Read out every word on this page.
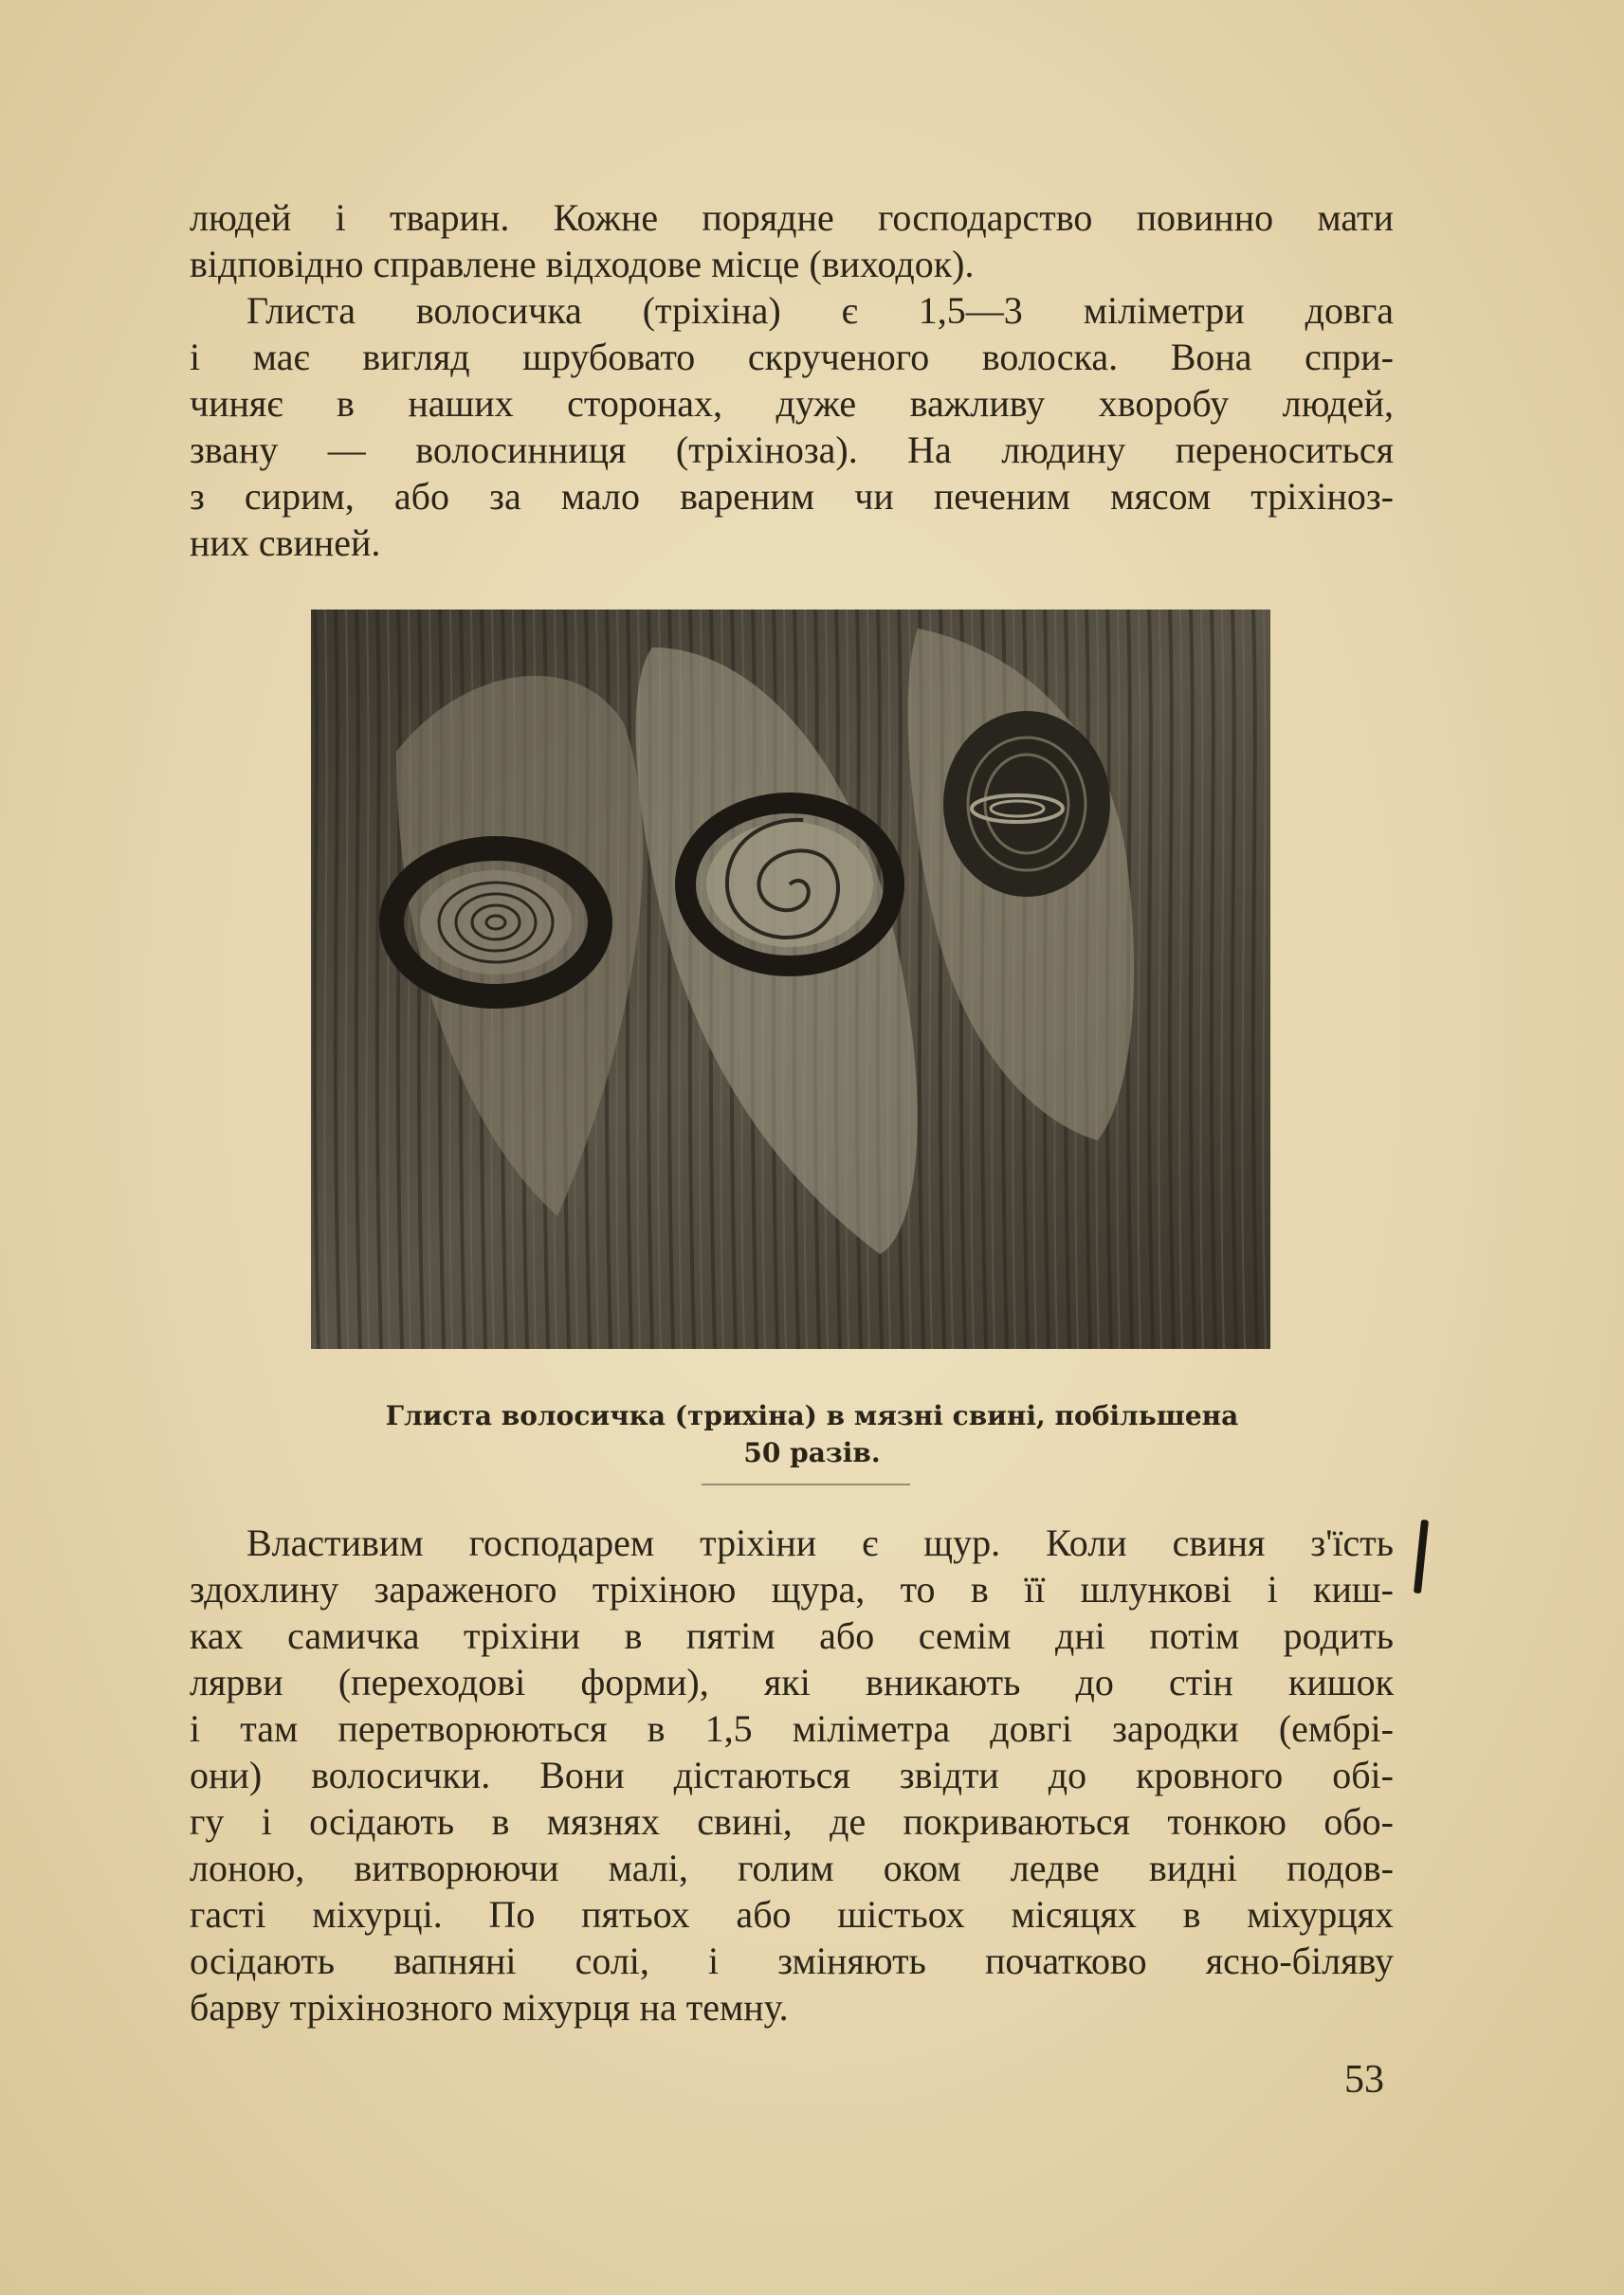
людей і тварин. Кожне порядне господарство повинно мати
відповідно справлене відходове місце (виходок).
Глиста волосичка (тріхіна) є 1,5—3 міліметри довга
і має вигляд шрубовато скрученого волоска. Вона спри-
чиняє в наших сторонах, дуже важливу хворобу людей,
звану — волосинниця (тріхіноза). На людину переноситься
з сирим, або за мало вареним чи печеним мясом тріхіноз-
них свиней.
Глиста волосичка (трихіна) в мязні свині, побільшена
50 разів.
Властивим господарем тріхіни є щур. Коли свиня з'їсть
здохлину зараженого тріхіною щура, то в її шлункові і киш-
ках самичка тріхіни в пятім або семім дні потім родить
лярви (переходові форми), які вникають до стін кишок
і там перетворюються в 1,5 міліметра довгі зародки (ембрі-
они) волосички. Вони дістаються звідти до кровного обі-
гу і осідають в мязнях свині, де покриваються тонкою обо-
лоною, витворюючи малі, голим оком ледве видні подов-
гасті міхурці. По пятьох або шістьох місяцях в міхурцях
осідають вапняні солі, і зміняють початково ясно-біляву
барву тріхінозного міхурця на темну.
53
